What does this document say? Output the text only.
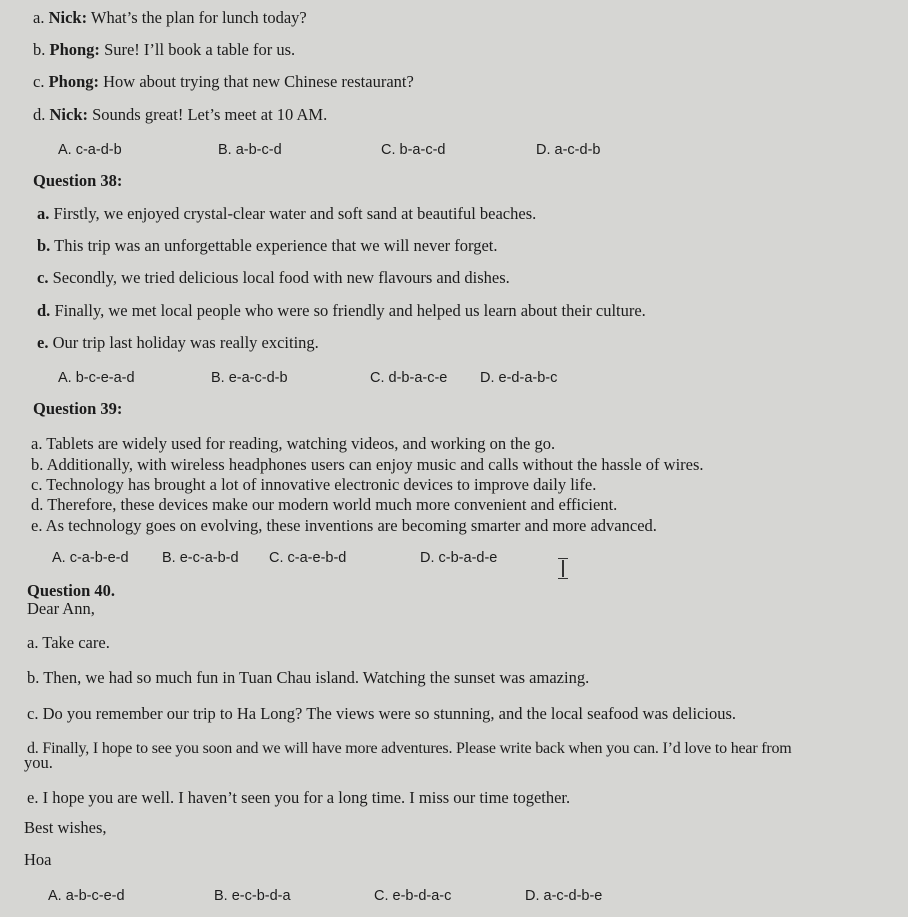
a. Nick: What’s the plan for lunch today?
b. Phong: Sure! I’ll book a table for us.
c. Phong: How about trying that new Chinese restaurant?
d. Nick: Sounds great! Let’s meet at 10 AM.
A. c-a-d-b	B. a-b-c-d	C. b-a-c-d	D. a-c-d-b
Question 38:
a. Firstly, we enjoyed crystal-clear water and soft sand at beautiful beaches.
b. This trip was an unforgettable experience that we will never forget.
c. Secondly, we tried delicious local food with new flavours and dishes.
d. Finally, we met local people who were so friendly and helped us learn about their culture.
e. Our trip last holiday was really exciting.
A. b-c-e-a-d	B. e-a-c-d-b	C. d-b-a-c-e D. e-d-a-b-c
Question 39:
a. Tablets are widely used for reading, watching videos, and working on the go.
b. Additionally, with wireless headphones users can enjoy music and calls without the hassle of wires.
c. Technology has brought a lot of innovative electronic devices to improve daily life.
d. Therefore, these devices make our modern world much more convenient and efficient.
e. As technology goes on evolving, these inventions are becoming smarter and more advanced.
A. c-a-b-e-d B. e-c-a-b-d C. c-a-e-b-d	D. c-b-a-d-e
Question 40.
Dear Ann,
a. Take care.
b. Then, we had so much fun in Tuan Chau island. Watching the sunset was amazing.
c. Do you remember our trip to Ha Long? The views were so stunning, and the local seafood was delicious.
d. Finally, I hope to see you soon and we will have more adventures. Please write back when you can. I’d love to hear from
you.
e. I hope you are well. I haven’t seen you for a long time. I miss our time together.
Best wishes,
Hoa
A. a-b-c-e-d	B. e-c-b-d-a	C. e-b-d-a-c	D. a-c-d-b-e
